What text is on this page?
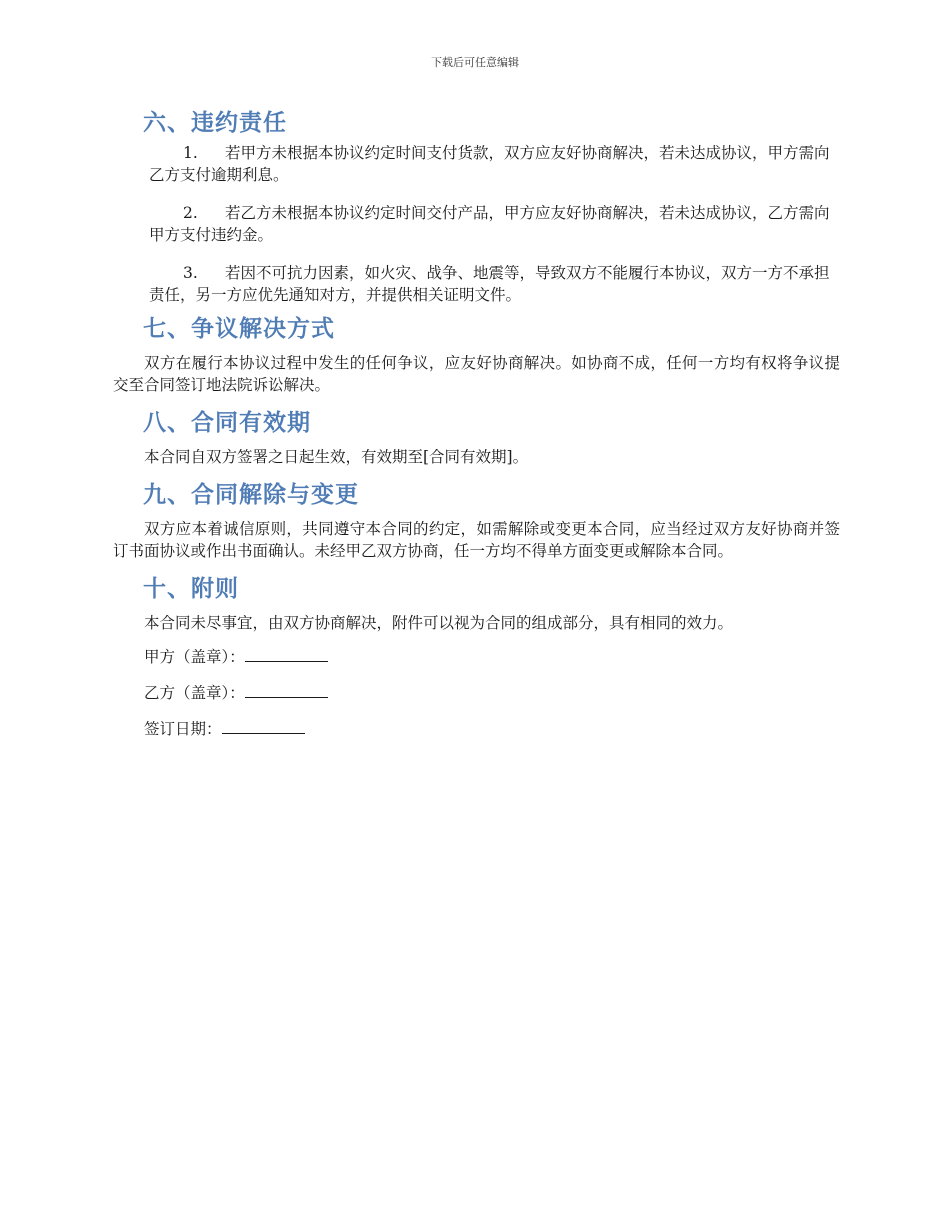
下载后可任意编辑
六、违约责任
1. 若甲方未根据本协议约定时间支付货款，双方应友好协商解决，若未达成协议，甲方需向乙方支付逾期利息。
2. 若乙方未根据本协议约定时间交付产品，甲方应友好协商解决，若未达成协议，乙方需向甲方支付违约金。
3. 若因不可抗力因素，如火灾、战争、地震等，导致双方不能履行本协议，双方一方不承担责任，另一方应优先通知对方，并提供相关证明文件。
七、争议解决方式
双方在履行本协议过程中发生的任何争议，应友好协商解决。如协商不成，任何一方均有权将争议提交至合同签订地法院诉讼解决。
八、合同有效期
本合同自双方签署之日起生效，有效期至[合同有效期]。
九、合同解除与变更
双方应本着诚信原则，共同遵守本合同的约定，如需解除或变更本合同，应当经过双方友好协商并签订书面协议或作出书面确认。未经甲乙双方协商，任一方均不得单方面变更或解除本合同。
十、附则
本合同未尽事宜，由双方协商解决，附件可以视为合同的组成部分，具有相同的效力。
甲方（盖章）：
乙方（盖章）：
签订日期：
